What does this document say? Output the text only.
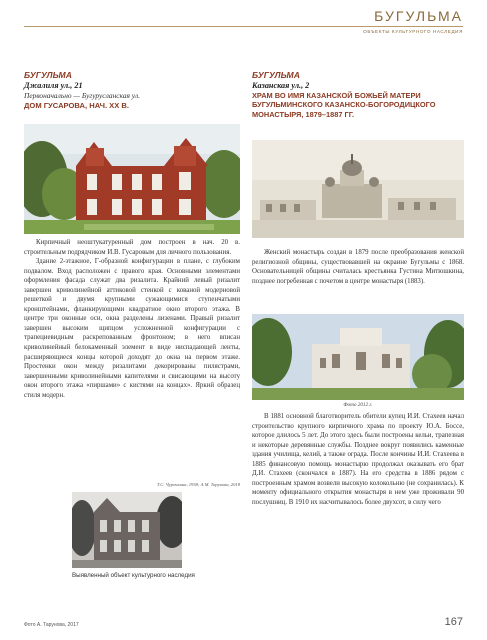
БУГУЛЬМА
ОБЪЕКТЫ КУЛЬТУРНОГО НАСЛЕДИЯ

БУГУЛЬМА

Джалиля ул., 21

Первоначально — Бугурусланская ул.

ДОМ ГУСАРОВА, НАЧ. XX В.

Кирпичный неоштукатуренный дом построен в нач. 20 в. строительным подрядчиком И.В. Гусаровым для личного пользования.

Здание 2-этажное, Г-образной конфигурации в плане, с глубоким подвалом. Вход расположен с правого края. Основными элементами оформления фасада служат два ризалита. Крайний левый ризалит завершен криволинейной аттиковой стенкой с кованой модерновой решеткой и двумя крупными сужающимися ступенчатыми кронштейнами, фланкирующими квадратное окно второго этажа. В центре три оконные оси, окна разделены лизенами. Правый ризалит завершен высоким щипцом усложненной конфигурации с трапециевидным раскрепованным фронтоном; в него вписан криволинейный белокаменный элемент в виде ниспадающей ленты, расширяющиеся концы которой доходят до окна на первом этаже. Простенки окон между ризалитами декорированы пилястрами, завершенными криволинейными капителями и свисающими на высоту окон второго этажа «пиршами» с кистями на концах». Яркий образец стиля модерн.

Т.С. Чурочкина, 1958; А.М. Тарунова, 2018
Выявленный объект культурного наследия

БУГУЛЬМА

Казанская ул., 2

ХРАМ ВО ИМЯ КАЗАНСКОЙ БОЖЬЕЙ МАТЕРИ БУГУЛЬМИНСКОГО КАЗАНСКО-БОГОРОДИЦКОГО МОНАСТЫРЯ, 1879–1887 ГГ.

Женский монастырь создан в 1879 после преобразования женской религиозной общины, существовавшей на окраине Бугульмы с 1868. Основательницей общины считалась крестьянка Густина Митюшкина, позднее погребенная с почетом в центре монастыря (1883).

Фото 2012 г.

В 1881 основной благотворитель обители купец И.И. Стахеев начал строительство крупного кирпичного храма по проекту Ю.А. Боссе, которое длилось 5 лет. До этого здесь были построены кельи, трапезная и некоторые деревянные службы. Позднее вокруг появились каменные здания училища, келий, а также ограда. После кончины И.И. Стахеева в 1885 финансовую помощь монастырю продолжал оказывать его брат Д.И. Стахеев (скончался в 1887). На его средства в 1886 рядом с построенным храмом возвели высокую колокольню (не сохранилась). К моменту официального открытия монастыря в нем уже проживали 90 послушниц. В 1910 их насчитывалось более двухсот, в силу чего

Фото А. Тарунова, 2017	167
